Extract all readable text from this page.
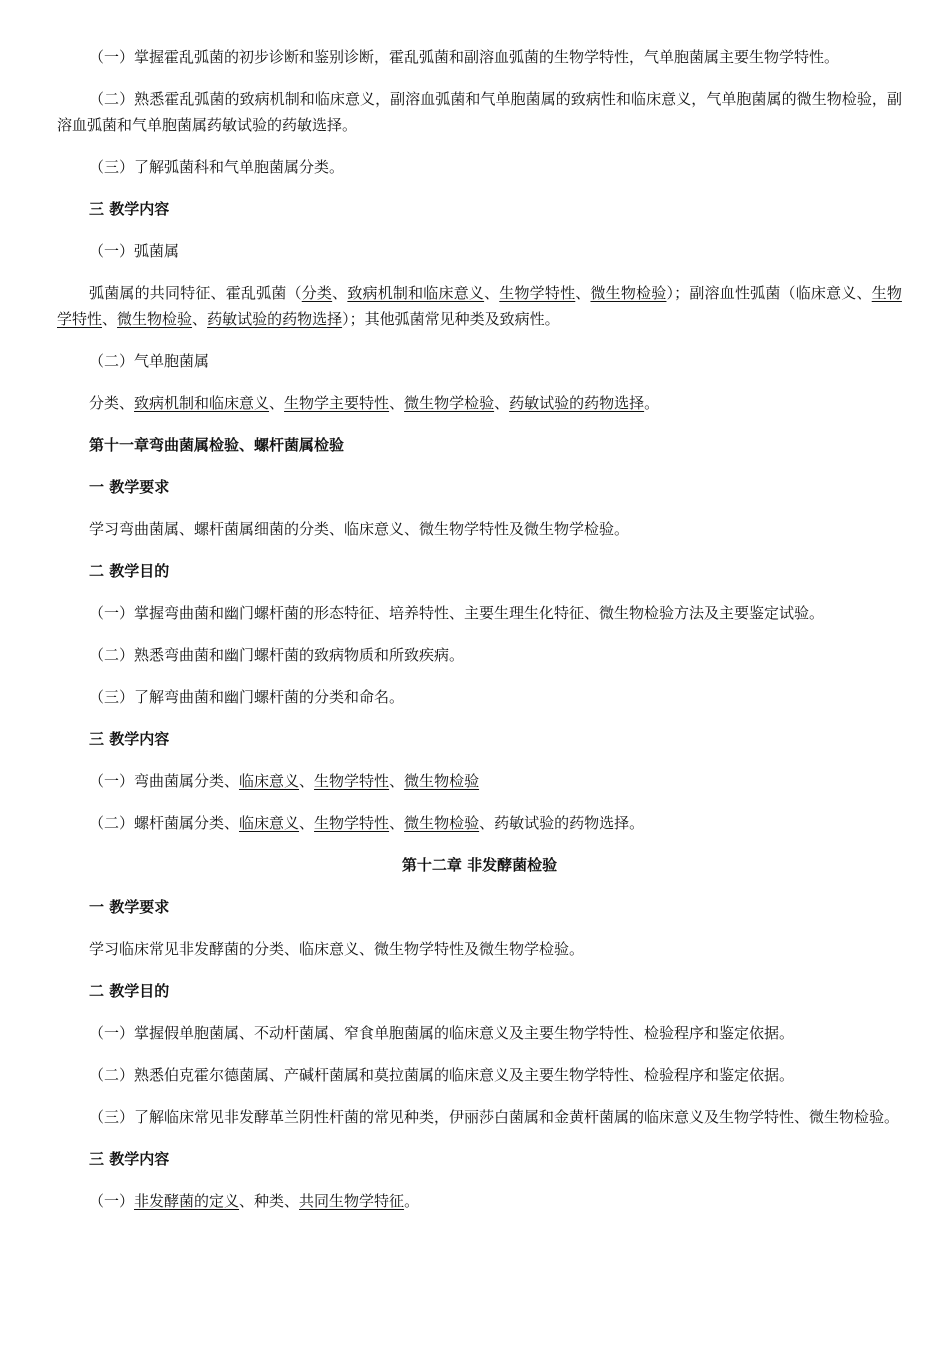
（一）掌握霍乱弧菌的初步诊断和鉴别诊断，霍乱弧菌和副溶血弧菌的生物学特性，气单胞菌属主要生物学特性。

（二）熟悉霍乱弧菌的致病机制和临床意义，副溶血弧菌和气单胞菌属的致病性和临床意义，气单胞菌属的微生物检验，副溶血弧菌和气单胞菌属药敏试验的药敏选择。

（三）了解弧菌科和气单胞菌属分类。

三 教学内容

（一）弧菌属

弧菌属的共同特征、霍乱弧菌（分类、致病机制和临床意义、生物学特性、微生物检验）；副溶血性弧菌（临床意义、生物学特性、微生物检验、药敏试验的药物选择）；其他弧菌常见种类及致病性。

（二）气单胞菌属

分类、致病机制和临床意义、生物学主要特性、微生物学检验、药敏试验的药物选择。

第十一章弯曲菌属检验、螺杆菌属检验

一 教学要求

学习弯曲菌属、螺杆菌属细菌的分类、临床意义、微生物学特性及微生物学检验。

二 教学目的

（一）掌握弯曲菌和幽门螺杆菌的形态特征、培养特性、主要生理生化特征、微生物检验方法及主要鉴定试验。

（二）熟悉弯曲菌和幽门螺杆菌的致病物质和所致疾病。

（三）了解弯曲菌和幽门螺杆菌的分类和命名。

三 教学内容

（一）弯曲菌属分类、临床意义、生物学特性、微生物检验

（二）螺杆菌属分类、临床意义、生物学特性、微生物检验、药敏试验的药物选择。

第十二章 非发酵菌检验

一 教学要求

学习临床常见非发酵菌的分类、临床意义、微生物学特性及微生物学检验。

二 教学目的

（一）掌握假单胞菌属、不动杆菌属、窄食单胞菌属的临床意义及主要生物学特性、检验程序和鉴定依据。

（二）熟悉伯克霍尔德菌属、产碱杆菌属和莫拉菌属的临床意义及主要生物学特性、检验程序和鉴定依据。

（三）了解临床常见非发酵革兰阴性杆菌的常见种类，伊丽莎白菌属和金黄杆菌属的临床意义及生物学特性、微生物检验。

三 教学内容

（一）非发酵菌的定义、种类、共同生物学特征。
